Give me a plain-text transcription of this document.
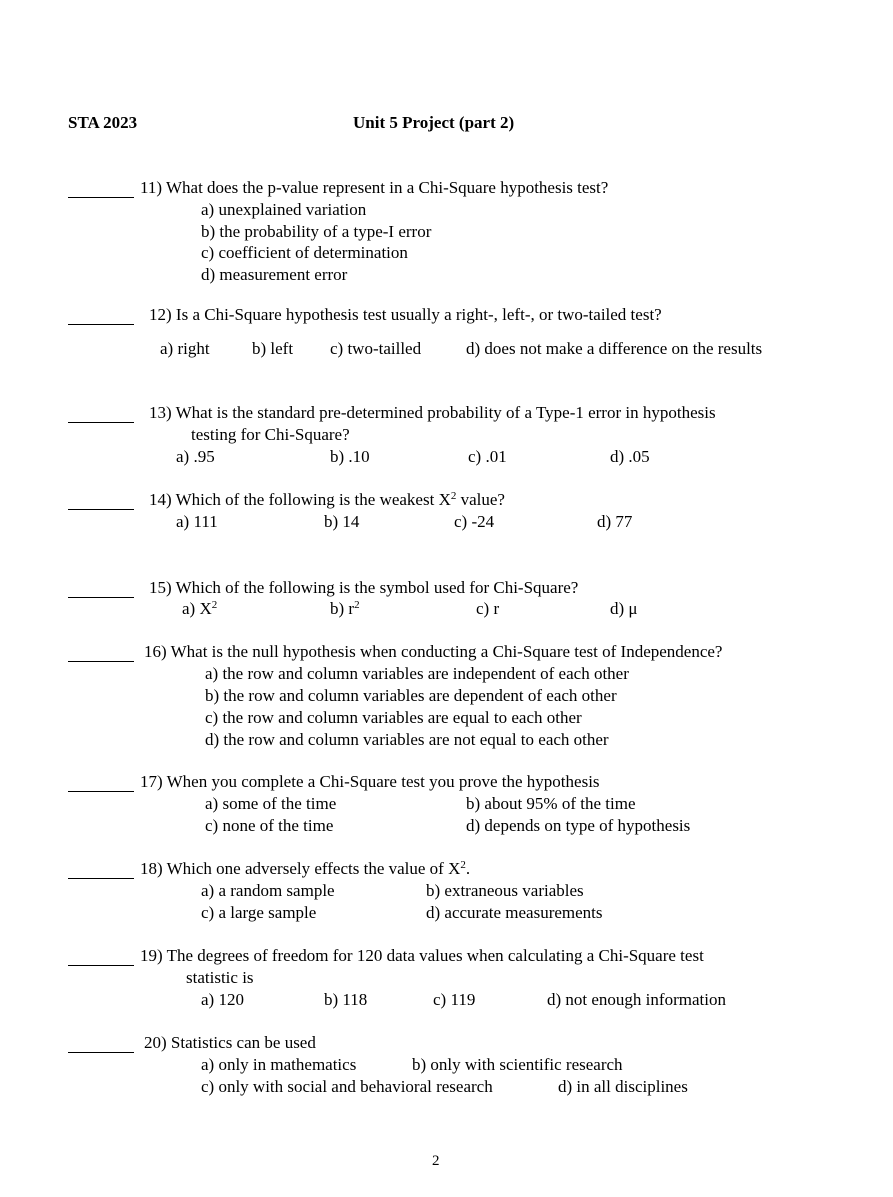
STA 2023	Unit 5 Project (part 2)
11) What does the p-value represent in a Chi-Square hypothesis test?
a) unexplained variation
b) the probability of a type-I error
c) coefficient of determination
d) measurement error
12) Is a Chi-Square hypothesis test usually a right-, left-, or two-tailed test?
a) right b) left c) two-tailled	d) does not make a difference on the results
13) What is the standard pre-determined probability of a Type-1 error in hypothesis
testing for Chi-Square?
a) .95	b) .10	c) .01	d) .05
14) Which of the following is the weakest $X^2$ value?
a) 111	b) 14	c) -24	d) 77
15) Which of the following is the symbol used for Chi-Square?
a) $X^2$	b) $r^2$	c) r	d) μ
16) What is the null hypothesis when conducting a Chi-Square test of Independence?
a) the row and column variables are independent of each other
b) the row and column variables are dependent of each other
c) the row and column variables are equal to each other
d) the row and column variables are not equal to each other
17) When you complete a Chi-Square test you prove the hypothesis
a) some of the time	b) about 95% of the time
c) none of the time	d) depends on type of hypothesis
18) Which one adversely effects the value of $X^2$.
a) a random sample	b) extraneous variables
c) a large sample	d) accurate measurements
19) The degrees of freedom for 120 data values when calculating a Chi-Square test
statistic is
a) 120	b) 118	c) 119	d) not enough information
20) Statistics can be used
a) only in mathematics	b) only with scientific research
c) only with social and behavioral research	d) in all disciplines
2
